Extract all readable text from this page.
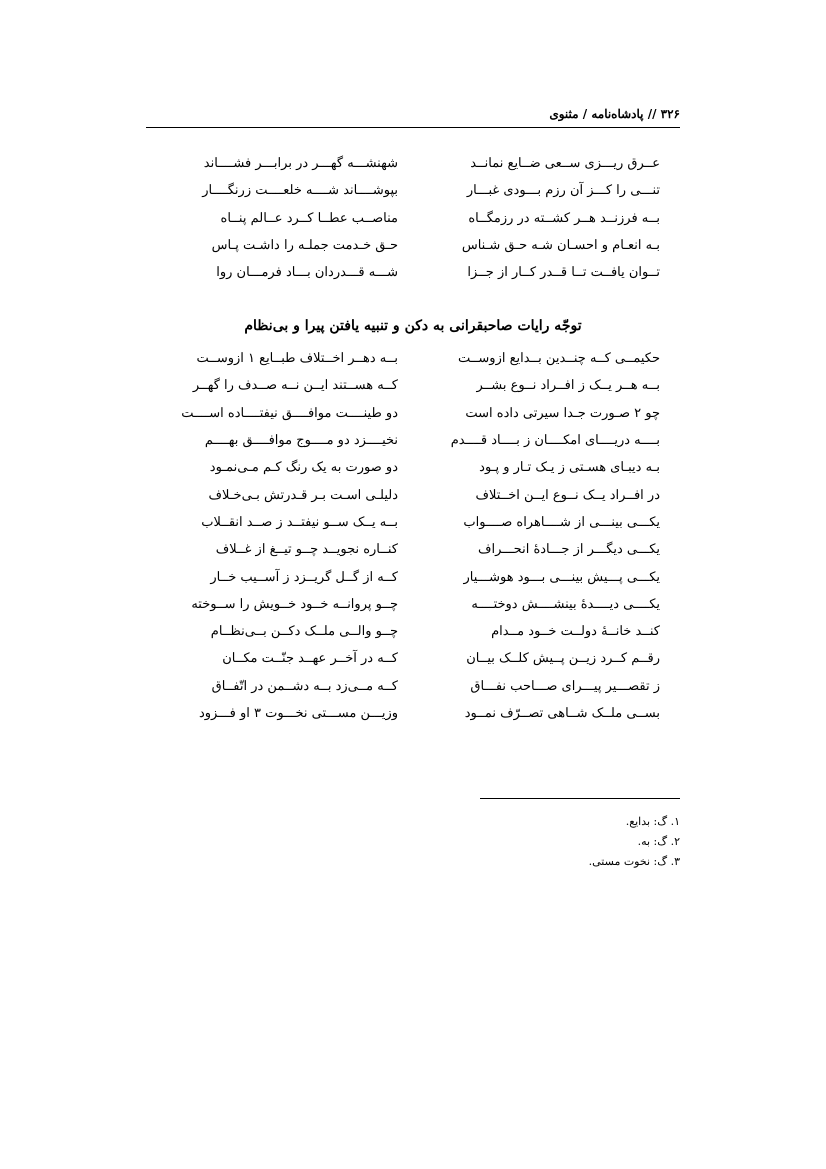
۳۲۶ // پادشاه‌نامه / مثنوی
عــرق ریـــزی ســعی ضــایع نمانــد
شهنشـــه گهـــر در برابـــر فشــــاند
تنـــی را کـــز آن رزم بـــودی غبـــار
بپوشــــاند شــــه خلعــــت زرنگــــار
بــه فرزنــد هــر کشــته در رزمگــاه
مناصــب عطــا کــرد عــالم پنــاه
بـه انعـام و احسـان شـه حـق شـناس
حـق خـدمت جملـه را داشـت پـاس
تــوان یافــت تــا قــدر کــار از جــزا
شـــه قـــدردان بـــاد فرمـــان روا
توجّه رایات صاحبقرانی به دکن و تنبیه یافتن پیرا و بی‌نظام
حکیمــی کــه چنــدین بــدایع ازوســت
بــه دهــر اخــتلاف طبــایع ۱ ازوســت
بــه هــر یــک ز افــراد نــوع بشــر
کــه هســتند ایــن نــه صــدف را گهــر
چو ۲ صـورت جـدا سیرتی داده است
دو طینــــت موافــــق نیفتــــاده اســــت
بــــه دریــــای امکــــان ز بــــاد قــــدم
نخیــــزد دو مــــوج موافــــق بهــــم
بـه دیبـای هسـتی ز یـک تـار و پـود
دو صورت به یک رنگ کـم مـی‌نمـود
در افــراد یــک نــوع ایــن اخــتلاف
دلیلـی اسـت بـر قـدرتش بـی‌خـلاف
یکـــی بینـــی از شــــاهراه صــــواب
بــه یــک ســو نیفتــد ز صــد انقــلاب
یکـــی دیگـــر از جـــادۀ انحـــراف
کنــاره نجویــد چــو تیــغ از غــلاف
یکـــی پـــیش بینـــی بـــود هوشـــیار
کــه از گــل گریــزد ز آســیب خــار
یکــــی دیــــدۀ بینشــــش دوختــــه
چــو پروانــه خــود خــویش را ســوخته
کنــد خانــۀ دولــت خــود مــدام
چــو والــی ملــک دکــن بــی‌نظــام
رقــم کــرد زیــن پــیش کلــک بیــان
کــه در آخــر عهــد جنّــت مکــان
ز تقصـــیر پیـــرای صـــاحب نفـــاق
کــه مــی‌زد بــه دشــمن در اتّفــاق
بســی ملــک شــاهی تصــرّف نمــود
وزیـــن مســـتی نخـــوت ۳ او فـــزود
۱. گ: بدایع.
۲. گ: به.
۳. گ: نخوت مستی.
